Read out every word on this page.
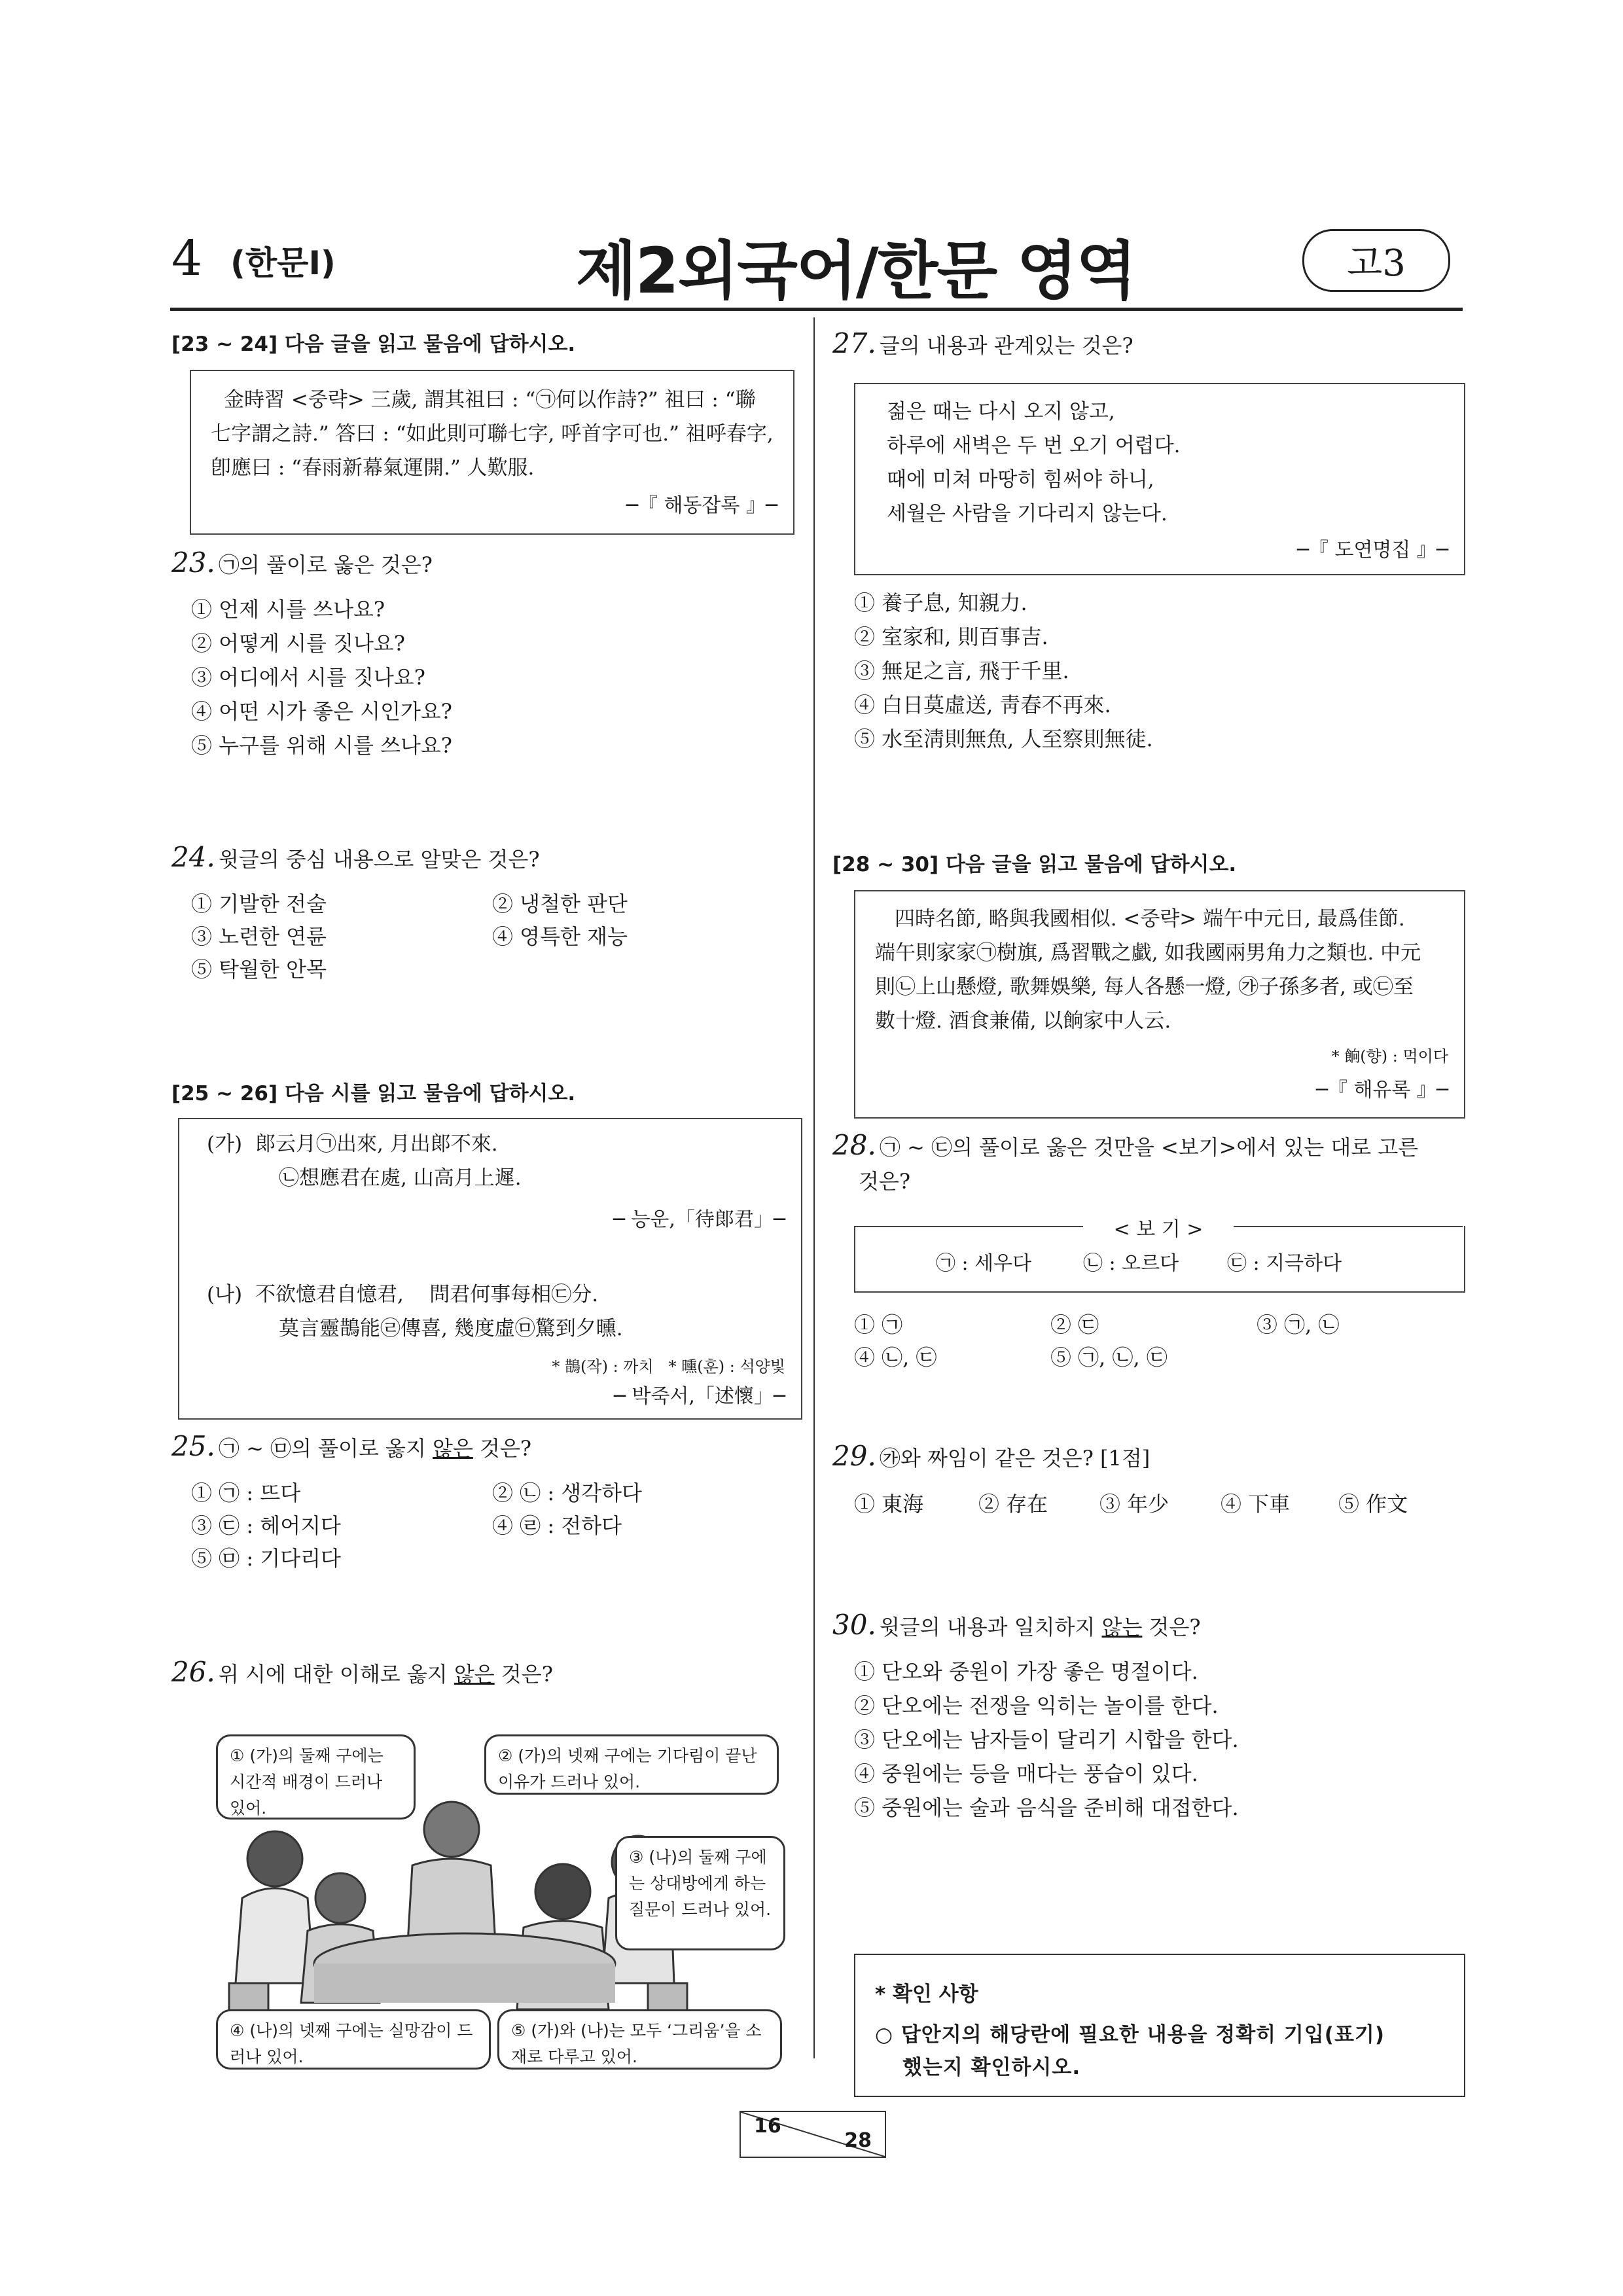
4 (한문Ⅰ)	제2외국어/한문 영역	고3
[23 ~ 24] 다음 글을 읽고 물음에 답하시오.
金時習 <중략> 三歲, 謂其祖曰 : “㉠何以作詩?” 祖曰 : “聯
七字謂之詩.” 答曰 : “如此則可聯七字, 呼首字可也.” 祖呼春字,
卽應曰 : “春雨新幕氣運開.” 人歎服.
─『 해동잡록 』─
23. ㉠의 풀이로 옳은 것은?
① 언제 시를 쓰나요?
② 어떻게 시를 짓나요?
③ 어디에서 시를 짓나요?
④ 어떤 시가 좋은 시인가요?
⑤ 누구를 위해 시를 쓰나요?
24. 윗글의 중심 내용으로 알맞은 것은?
① 기발한 전술	② 냉철한 판단
③ 노련한 연륜	④ 영특한 재능
⑤ 탁월한 안목
[25 ~ 26] 다음 시를 읽고 물음에 답하시오.
(가) 郞云月㉠出來, 月出郞不來.
㉡想應君在處, 山高月上遲.
─ 능운,「待郞君」─
(나) 不欲憶君自憶君,    問君何事每相㉢分.
莫言靈鵲能㉣傳喜, 幾度虛㉤驚到夕曛.
* 鵲(작) : 까치   * 曛(훈) : 석양빛
─ 박죽서,「述懷」─
25. ㉠ ~ ㉤의 풀이로 옳지 않은 것은?
① ㉠ : 뜨다	② ㉡ : 생각하다
③ ㉢ : 헤어지다	④ ㉣ : 전하다
⑤ ㉤ : 기다리다
26. 위 시에 대한 이해로 옳지 않은 것은?
① (가)의 둘째 구에는 시간적 배경이 드러나 있어.
② (가)의 넷째 구에는 기다림이 끝난 이유가 드러나 있어.
③ (나)의 둘째 구에는 상대방에게 하는 질문이 드러나 있어.
④ (나)의 넷째 구에는 실망감이 드러나 있어.
⑤ (가)와 (나)는 모두 ‘그리움’을 소재로 다루고 있어.
27. 글의 내용과 관계있는 것은?
젊은 때는 다시 오지 않고,
하루에 새벽은 두 번 오기 어렵다.
때에 미쳐 마땅히 힘써야 하니,
세월은 사람을 기다리지 않는다.
─『 도연명집 』─
① 養子息, 知親力.
② 室家和, 則百事吉.
③ 無足之言, 飛于千里.
④ 白日莫虛送, 靑春不再來.
⑤ 水至淸則無魚, 人至察則無徒.
[28 ~ 30] 다음 글을 읽고 물음에 답하시오.
四時名節, 略與我國相似. <중략> 端午中元日, 最爲佳節.
端午則家家㉠樹旗, 爲習戰之戱, 如我國兩男角力之類也. 中元
則㉡上山懸燈, 歌舞娛樂, 每人各懸一燈, ㉮子孫多者, 或㉢至
數十燈. 酒食兼備, 以餉家中人云.
* 餉(향) : 먹이다
─『 해유록 』─
28. ㉠ ~ ㉢의 풀이로 옳은 것만을 <보기>에서 있는 대로 고른
것은?
< 보 기 >
㉠ : 세우다	㉡ : 오르다 ㉢ : 지극하다
① ㉠	② ㉢	③ ㉠, ㉡
④ ㉡, ㉢	⑤ ㉠, ㉡, ㉢
29. ㉮와 짜임이 같은 것은? [1점]
① 東海	② 存在 ③ 年少 ④ 下車 ⑤ 作文
30. 윗글의 내용과 일치하지 않는 것은?
① 단오와 중원이 가장 좋은 명절이다.
② 단오에는 전쟁을 익히는 놀이를 한다.
③ 단오에는 남자들이 달리기 시합을 한다.
④ 중원에는 등을 매다는 풍습이 있다.
⑤ 중원에는 술과 음식을 준비해 대접한다.
* 확인 사항
○ 답안지의 해당란에 필요한 내용을 정확히 기입(표기)
했는지 확인하시오.
16
28
